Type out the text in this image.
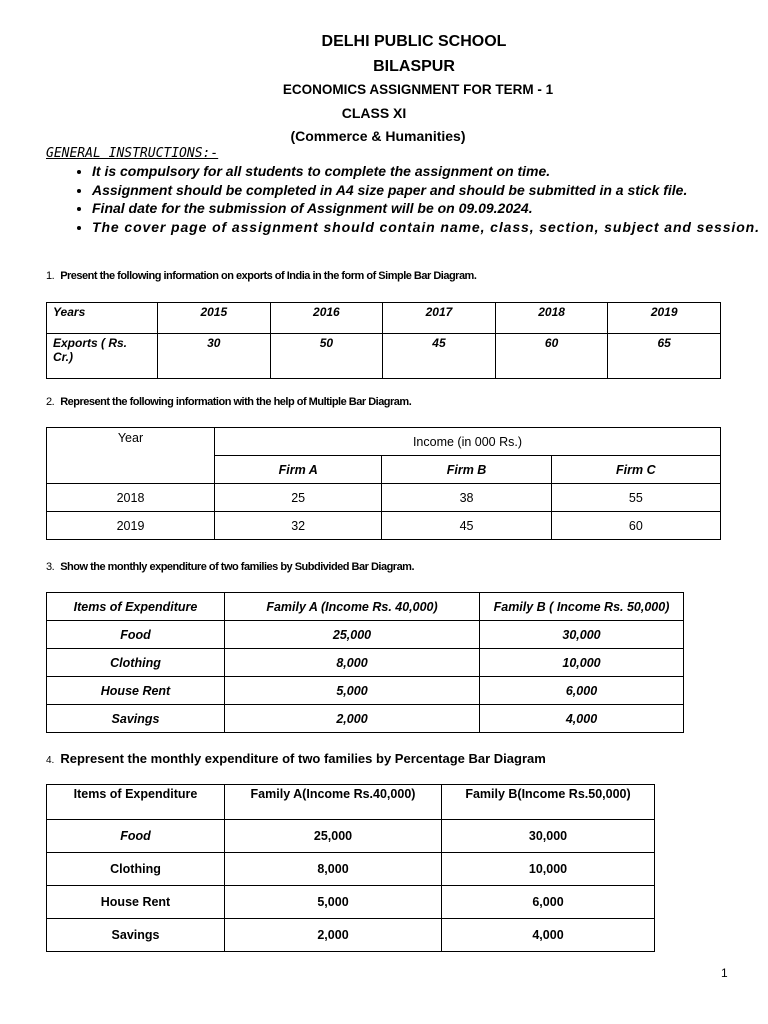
DELHI PUBLIC SCHOOL
BILASPUR
ECONOMICS ASSIGNMENT FOR TERM - 1
CLASS XI
(Commerce & Humanities)
GENERAL INSTRUCTIONS:-
• It is compulsory for all students to complete the assignment on time.
• Assignment should be completed in A4 size paper and should be submitted in a stick file.
• Final date for the submission of Assignment will be on 09.09.2024.
• The cover page of assignment should contain name, class, section, subject and session.
1. Present the following information on exports of India in the form of Simple Bar Diagram.
Years	2015	2016	2017	2018	2019
Exports ( Rs.
Cr.)	30	50	45	60	65
2. Represent the following information with the help of Multiple Bar Diagram.
Year	Income (in 000 Rs.)		
	Firm A	Firm B	Firm C
2018	25	38	55
2019	32	45	60
3. Show the monthly expenditure of two families by Subdivided Bar Diagram.
Items of Expenditure	Family A (Income Rs. 40,000)	Family B ( Income Rs. 50,000)
Food	25,000	30,000
Clothing	8,000	10,000
House Rent	5,000	6,000
Savings	2,000	4,000
4. Represent the monthly expenditure of two families by Percentage Bar Diagram
Items of Expenditure	Family A(Income Rs.40,000)	Family B(Income Rs.50,000)
Food	25,000	30,000
Clothing	8,000	10,000
House Rent	5,000	6,000
Savings	2,000	4,000
1
